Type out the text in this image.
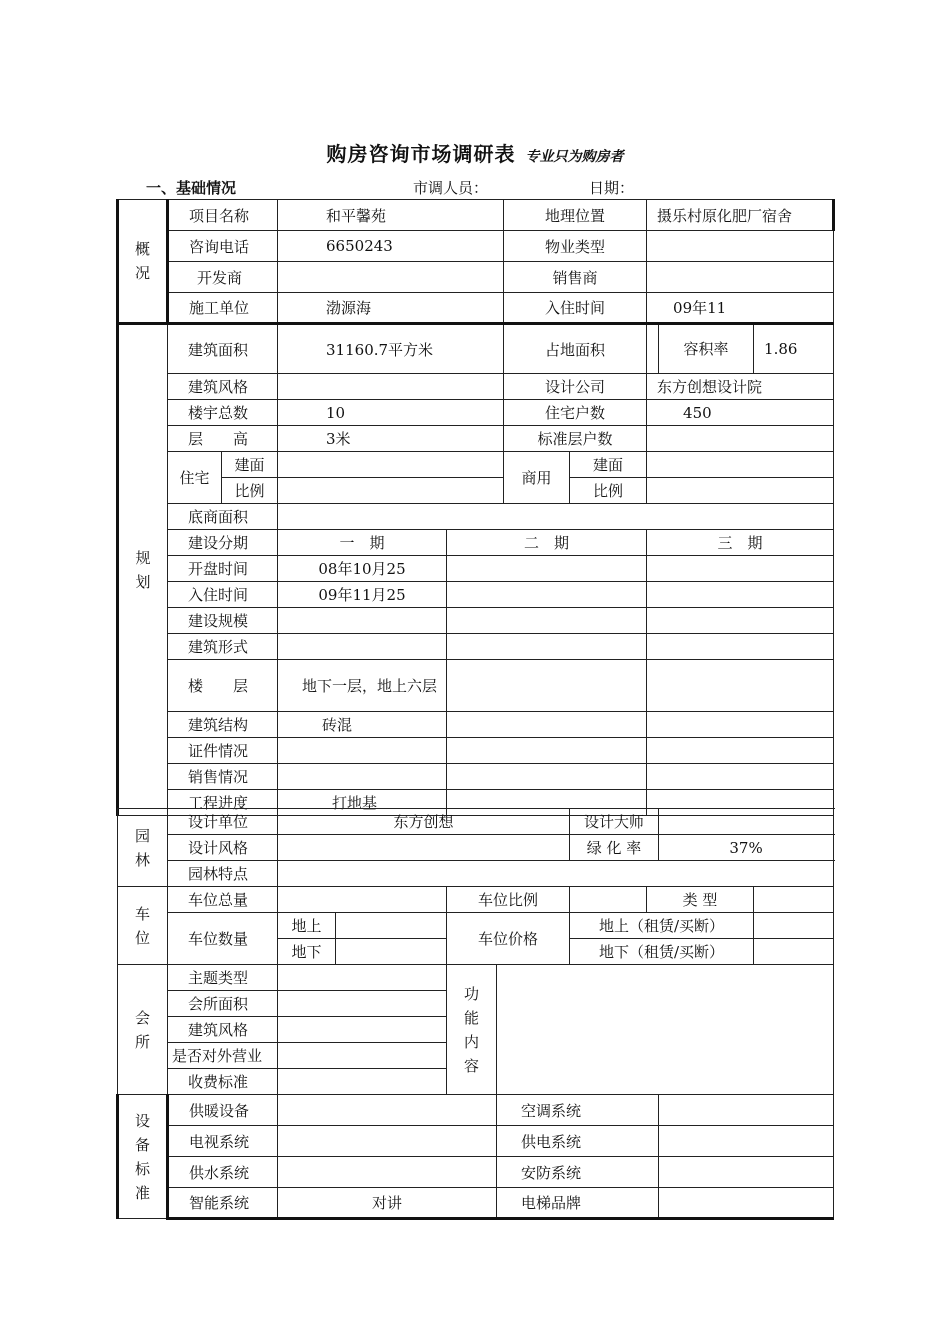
购房咨询市场调研表 专业只为购房者
一、基础情况	市调人员：	日期：
概
况	项目名称		和平馨苑		地理位置		摄乐村原化肥厂宿舍		
	咨询电话		6650243		物业类型				
	开发商				销售商				
	施工单位		渤源海		入住时间		09年11		
规
划	建筑面积		31160.7平方米		占地面积			容积率	1.86
	建筑风格				设计公司		东方创想设计院		
	楼宇总数		10		住宅户数		450		
	层　　高		3米		标准层户数				
	住宅	建面			商用	建面			
		比例				比例			
	底商面积								
	建设分期		一　期	二　期			三　期		
	开盘时间		08年10月25						
	入住时间		09年11月25						
	建设规模								
	建筑形式								
	楼　　层		地下一层，地上六层						
	建筑结构		砖混						
	证件情况								
	销售情况								
	工程进度		打地基						
园
林	设计单位	东方创想				设计大师			
	设计风格					绿 化 率		37%	
	园林特点								
车
位	车位总量			车位比例			类 型		
	车位数量	地上		车位价格		地上（租赁/买断）			
		地下				地下（租赁/买断）			
会
所	主题类型			功
能
内
容					
	会所面积								
	建筑风格								
	是否对外营业								
	收费标准								
设
备
标
准	供暖设备				空调系统				
	电视系统				供电系统				
	供水系统				安防系统				
	智能系统	对讲			电梯品牌				
